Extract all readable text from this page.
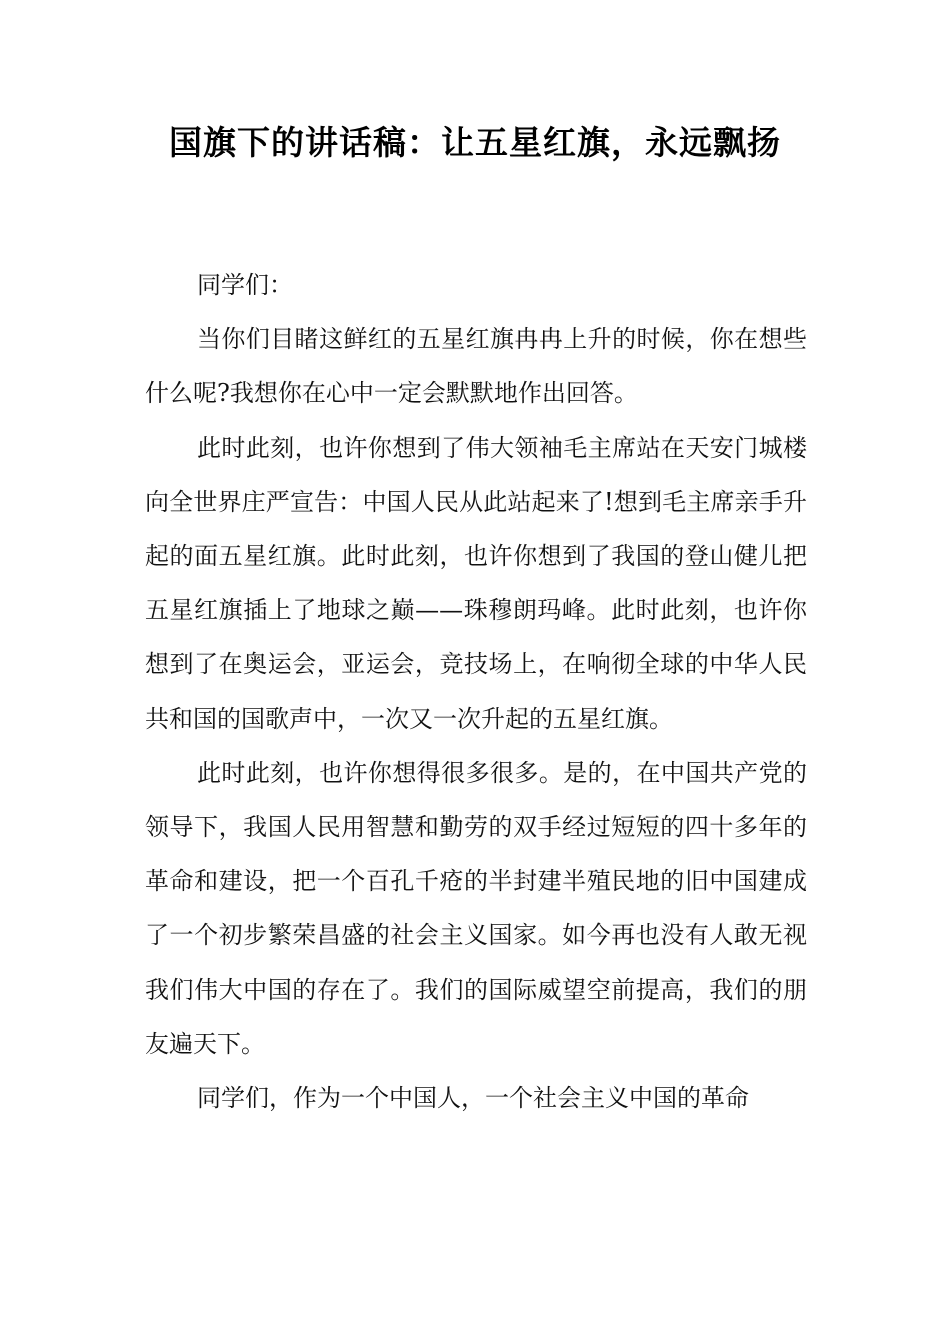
国旗下的讲话稿：让五星红旗，永远飘扬

同学们：

当你们目睹这鲜红的五星红旗冉冉上升的时候，你在想些什么呢?我想你在心中一定会默默地作出回答。

此时此刻，也许你想到了伟大领袖毛主席站在天安门城楼向全世界庄严宣告：中国人民从此站起来了!想到毛主席亲手升起的面五星红旗。此时此刻，也许你想到了我国的登山健儿把五星红旗插上了地球之巅——珠穆朗玛峰。此时此刻，也许你想到了在奥运会，亚运会，竞技场上，在响彻全球的中华人民共和国的国歌声中，一次又一次升起的五星红旗。

此时此刻，也许你想得很多很多。是的，在中国共产党的领导下，我国人民用智慧和勤劳的双手经过短短的四十多年的革命和建设，把一个百孔千疮的半封建半殖民地的旧中国建成了一个初步繁荣昌盛的社会主义国家。如今再也没有人敢无视我们伟大中国的存在了。我们的国际威望空前提高，我们的朋友遍天下。

同学们，作为一个中国人，一个社会主义中国的革命
